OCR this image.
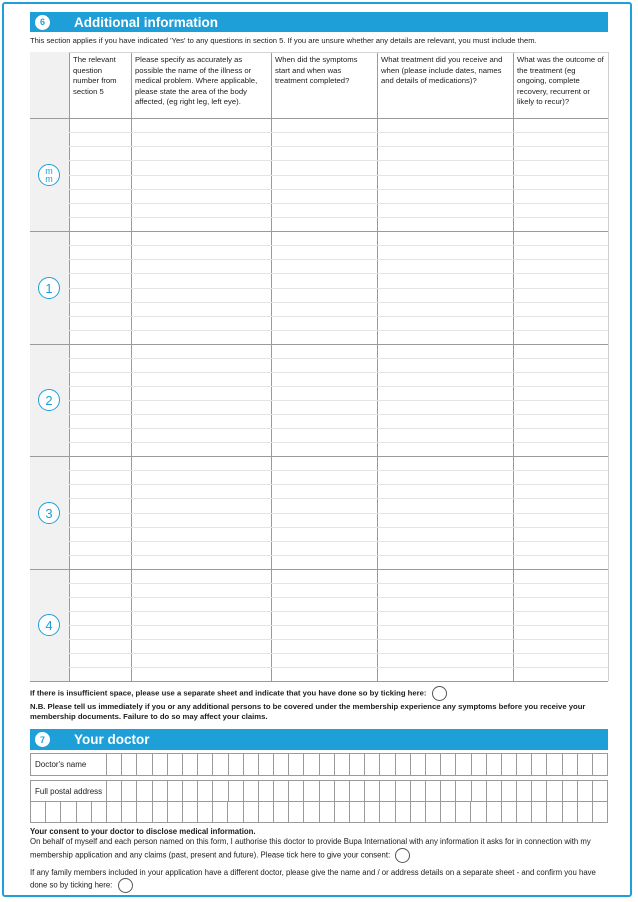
6	Additional information
This section applies if you have indicated 'Yes' to any questions in section 5. If you are unsure whether any details are relevant, you must include them.
The relevant question number from section 5
Please specify as accurately as possible the name of the illness or medical problem. Where applicable, please state the area of the body affected, (eg right leg, left eye).
When did the symptoms start and when was treatment completed?
What treatment did you receive and when (please include dates, names and details of medications)?
What was the outcome of the treatment (eg ongoing, complete recovery, recurrent or likely to recur)?
m
m
1
2
3
4
If there is insufficient space, please use a separate sheet and indicate that you have done so by ticking here:
N.B. Please tell us immediately if you or any additional persons to be covered under the membership experience any symptoms before you receive your membership documents. Failure to do so may affect your claims.
7	Your doctor
Doctor's name
Full postal address
Your consent to your doctor to disclose medical information.
On behalf of myself and each person named on this form, I authorise this doctor to provide Bupa International with any information it asks for in connection with my membership application and any claims (past, present and future). Please tick here to give your consent:
If any family members included in your application have a different doctor, please give the name and / or address details on a separate sheet - and confirm you have done so by ticking here:
